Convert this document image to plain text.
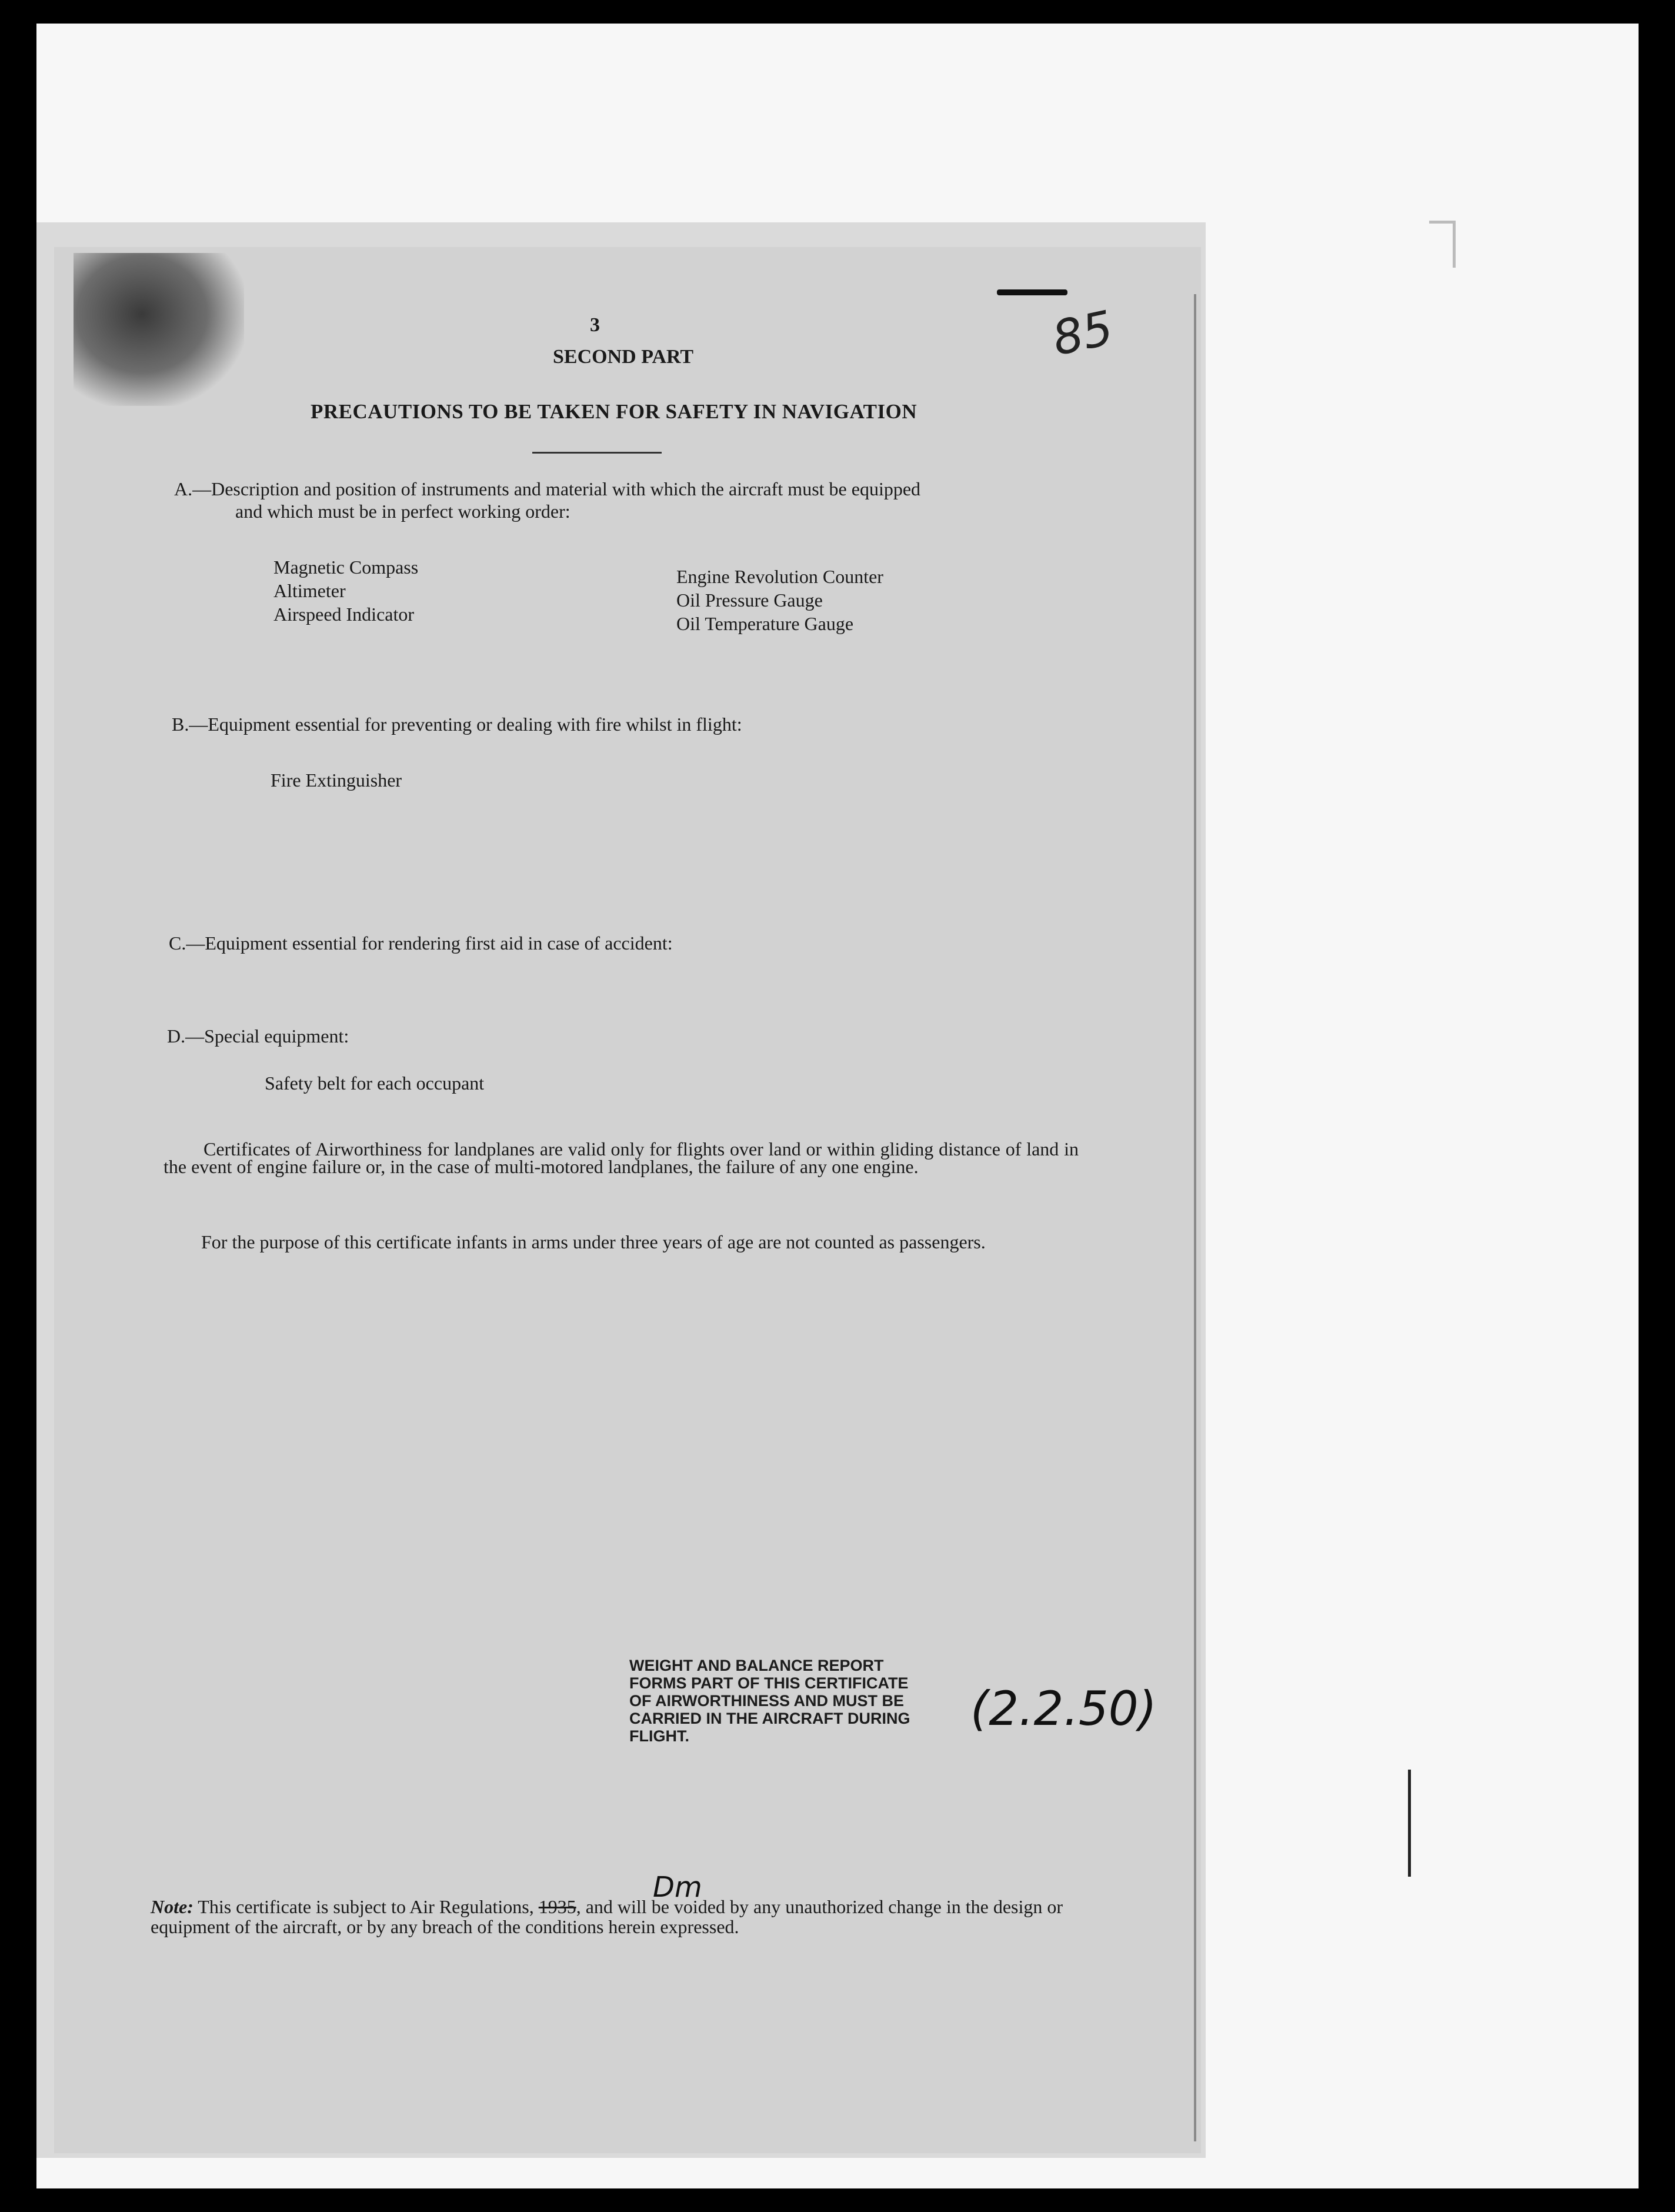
3
SECOND PART
PRECAUTIONS TO BE TAKEN FOR SAFETY IN NAVIGATION
85
A.—Description and position of instruments and material with which the aircraft must be equipped
and which must be in perfect working order:
Magnetic Compass
Altimeter
Airspeed Indicator
Engine Revolution Counter
Oil Pressure Gauge
Oil Temperature Gauge
B.—Equipment essential for preventing or dealing with fire whilst in flight:
Fire Extinguisher
C.—Equipment essential for rendering first aid in case of accident:
D.—Special equipment:
Safety belt for each occupant
Certificates of Airworthiness for landplanes are valid only for flights over land or within gliding distance of land in the event of engine failure or, in the case of multi-motored landplanes, the failure of any one engine.
For the purpose of this certificate infants in arms under three years of age are not counted as passengers.
WEIGHT AND BALANCE REPORT
FORMS PART OF THIS CERTIFICATE
OF AIRWORTHINESS AND MUST BE
CARRIED IN THE AIRCRAFT DURING
FLIGHT.	(2.2.50)
Dm
Note: This certificate is subject to Air Regulations, 1935, and will be voided by any unauthorized change in the design or equipment of the aircraft, or by any breach of the conditions herein expressed.
